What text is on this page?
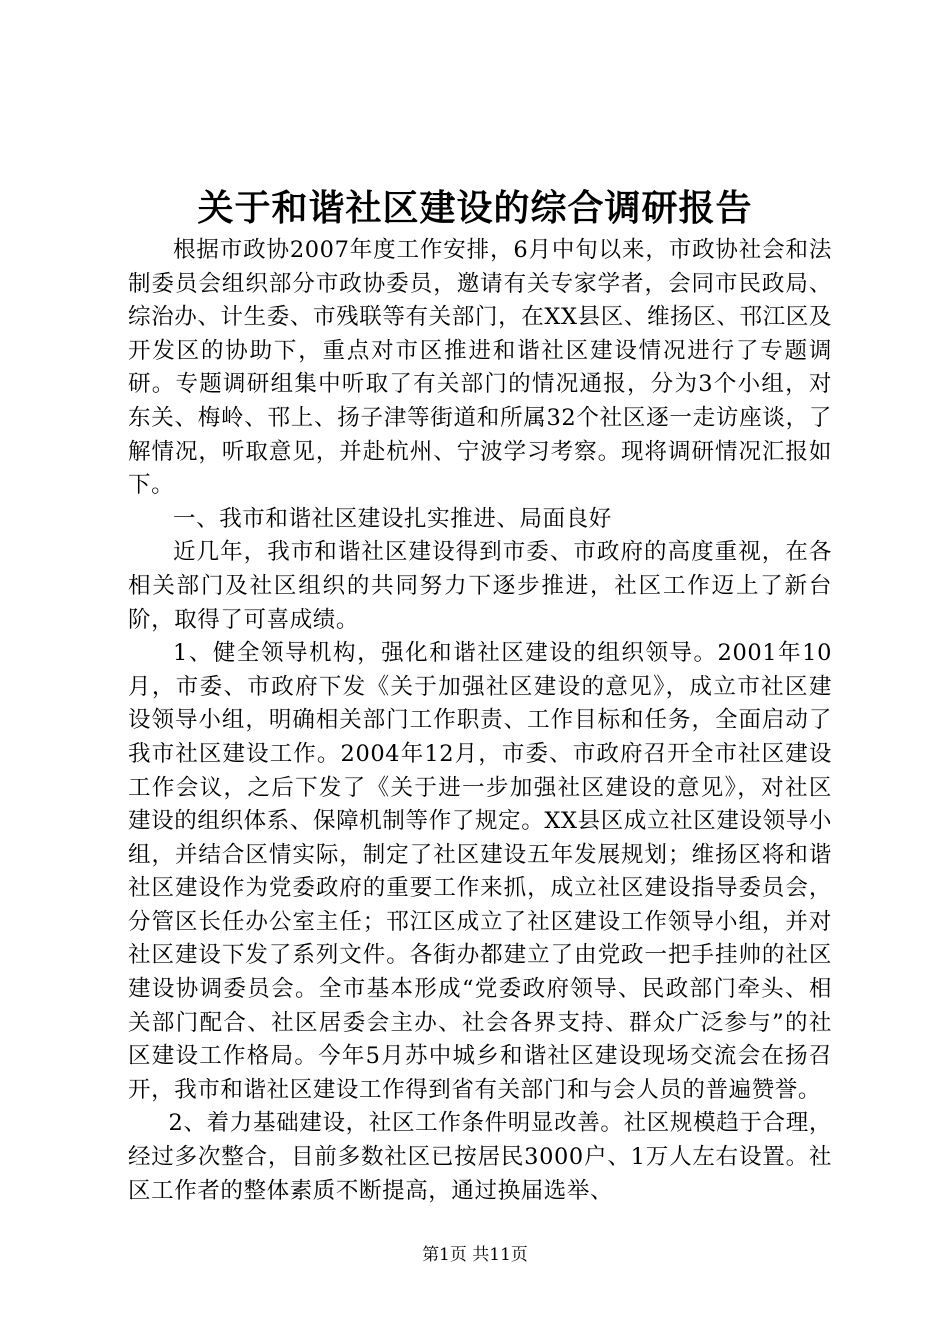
关于和谐社区建设的综合调研报告

根据市政协2007年度工作安排，6月中旬以来，市政协社会和法制委员会组织部分市政协委员，邀请有关专家学者，会同市民政局、综治办、计生委、市残联等有关部门，在XX县区、维扬区、邗江区及开发区的协助下，重点对市区推进和谐社区建设情况进行了专题调研。专题调研组集中听取了有关部门的情况通报，分为3个小组，对东关、梅岭、邗上、扬子津等街道和所属32个社区逐一走访座谈，了解情况，听取意见，并赴杭州、宁波学习考察。现将调研情况汇报如下。

一、我市和谐社区建设扎实推进、局面良好

近几年，我市和谐社区建设得到市委、市政府的高度重视，在各相关部门及社区组织的共同努力下逐步推进，社区工作迈上了新台阶，取得了可喜成绩。

1、健全领导机构，强化和谐社区建设的组织领导。2001年10月，市委、市政府下发《关于加强社区建设的意见》，成立市社区建设领导小组，明确相关部门工作职责、工作目标和任务，全面启动了我市社区建设工作。2004年12月，市委、市政府召开全市社区建设工作会议，之后下发了《关于进一步加强社区建设的意见》，对社区建设的组织体系、保障机制等作了规定。XX县区成立社区建设领导小组，并结合区情实际，制定了社区建设五年发展规划；维扬区将和谐社区建设作为党委政府的重要工作来抓，成立社区建设指导委员会，分管区长任办公室主任；邗江区成立了社区建设工作领导小组，并对社区建设下发了系列文件。各街办都建立了由党政一把手挂帅的社区建设协调委员会。全市基本形成“党委政府领导、民政部门牵头、相关部门配合、社区居委会主办、社会各界支持、群众广泛参与”的社区建设工作格局。今年5月苏中城乡和谐社区建设现场交流会在扬召开，我市和谐社区建设工作得到省有关部门和与会人员的普遍赞誉。

2、着力基础建设，社区工作条件明显改善。社区规模趋于合理，经过多次整合，目前多数社区已按居民3000户、1万人左右设置。社区工作者的整体素质不断提高，通过换届选举、

第1页 共11页
